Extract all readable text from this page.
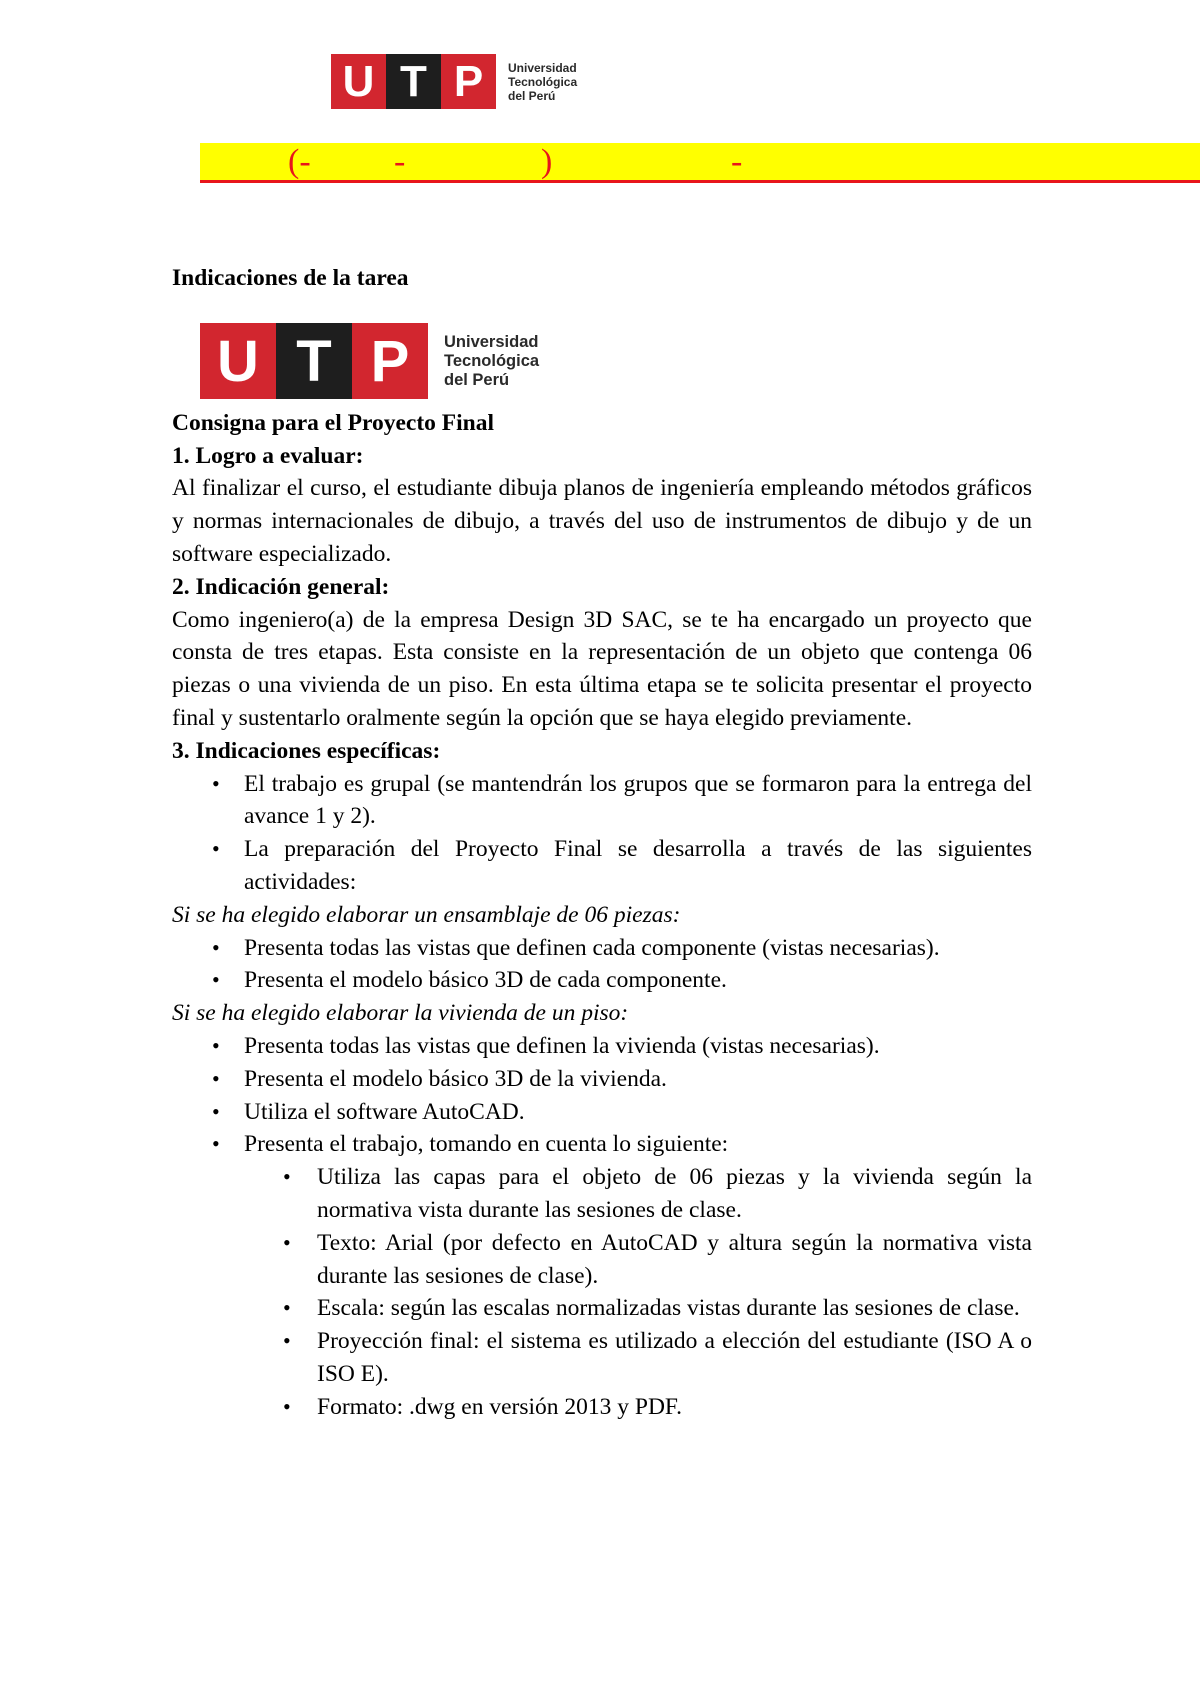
U T P	Universidad
Tecnológica
del Perú
(- -	)	-
U T P	Universidad
Tecnológica
del Perú

Indicaciones de la tarea

Consigna para el Proyecto Final

1. Logro a evaluar:

Al finalizar el curso, el estudiante dibuja planos de ingeniería empleando métodos gráficos y normas internacionales de dibujo, a través del uso de instrumentos de dibujo y de un software especializado.

2. Indicación general:

Como ingeniero(a) de la empresa Design 3D SAC, se te ha encargado un proyecto que consta de tres etapas. Esta consiste en la representación de un objeto que contenga 06 piezas o una vivienda de un piso. En esta última etapa se te solicita presentar el proyecto final y sustentarlo oralmente según la opción que se haya elegido previamente.

3. Indicaciones específicas:

• El trabajo es grupal (se mantendrán los grupos que se formaron para la entrega del avance 1 y 2).
• La preparación del Proyecto Final se desarrolla a través de las siguientes actividades:

Si se ha elegido elaborar un ensamblaje de 06 piezas:

• Presenta todas las vistas que definen cada componente (vistas necesarias).
• Presenta el modelo básico 3D de cada componente.

Si se ha elegido elaborar la vivienda de un piso:

• Presenta todas las vistas que definen la vivienda (vistas necesarias).
• Presenta el modelo básico 3D de la vivienda.
• Utiliza el software AutoCAD.
• Presenta el trabajo, tomando en cuenta lo siguiente:
• Utiliza las capas para el objeto de 06 piezas y la vivienda según la normativa vista durante las sesiones de clase.
• Texto: Arial (por defecto en AutoCAD y altura según la normativa vista durante las sesiones de clase).
• Escala: según las escalas normalizadas vistas durante las sesiones de clase.
• Proyección final: el sistema es utilizado a elección del estudiante (ISO A o ISO E).
• Formato: .dwg en versión 2013 y PDF.
